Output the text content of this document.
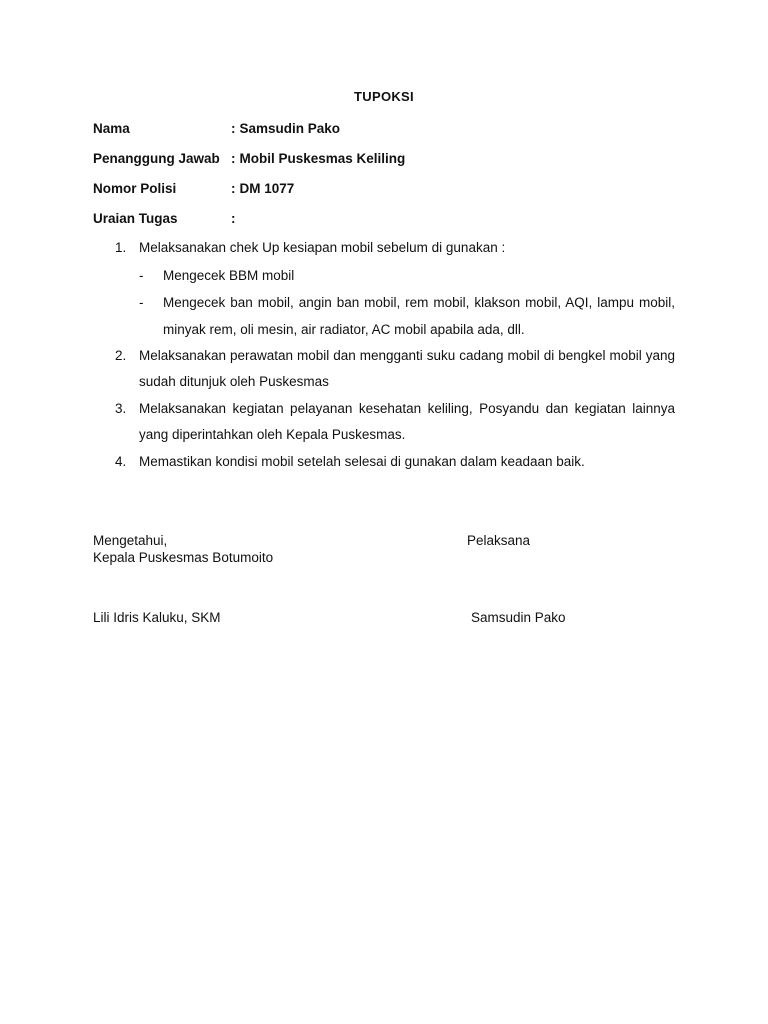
TUPOKSI
Nama	: Samsudin Pako
Penanggung Jawab : Mobil Puskesmas Keliling
Nomor Polisi	: DM 1077
Uraian Tugas	:
1. Melaksanakan chek Up kesiapan mobil sebelum di gunakan :
- Mengecek BBM mobil
- Mengecek ban mobil, angin ban mobil, rem mobil, klakson mobil, AQI, lampu mobil, minyak rem, oli mesin, air radiator, AC mobil apabila ada, dll.
2. Melaksanakan perawatan mobil dan mengganti suku cadang mobil di bengkel mobil yang sudah ditunjuk oleh Puskesmas
3. Melaksanakan kegiatan pelayanan kesehatan keliling, Posyandu dan kegiatan lainnya yang diperintahkan oleh Kepala Puskesmas.
4. Memastikan kondisi mobil setelah selesai di gunakan dalam keadaan baik.
Mengetahui,
Kepala Puskesmas Botumoito
Lili Idris Kaluku, SKM
Pelaksana
Samsudin Pako
